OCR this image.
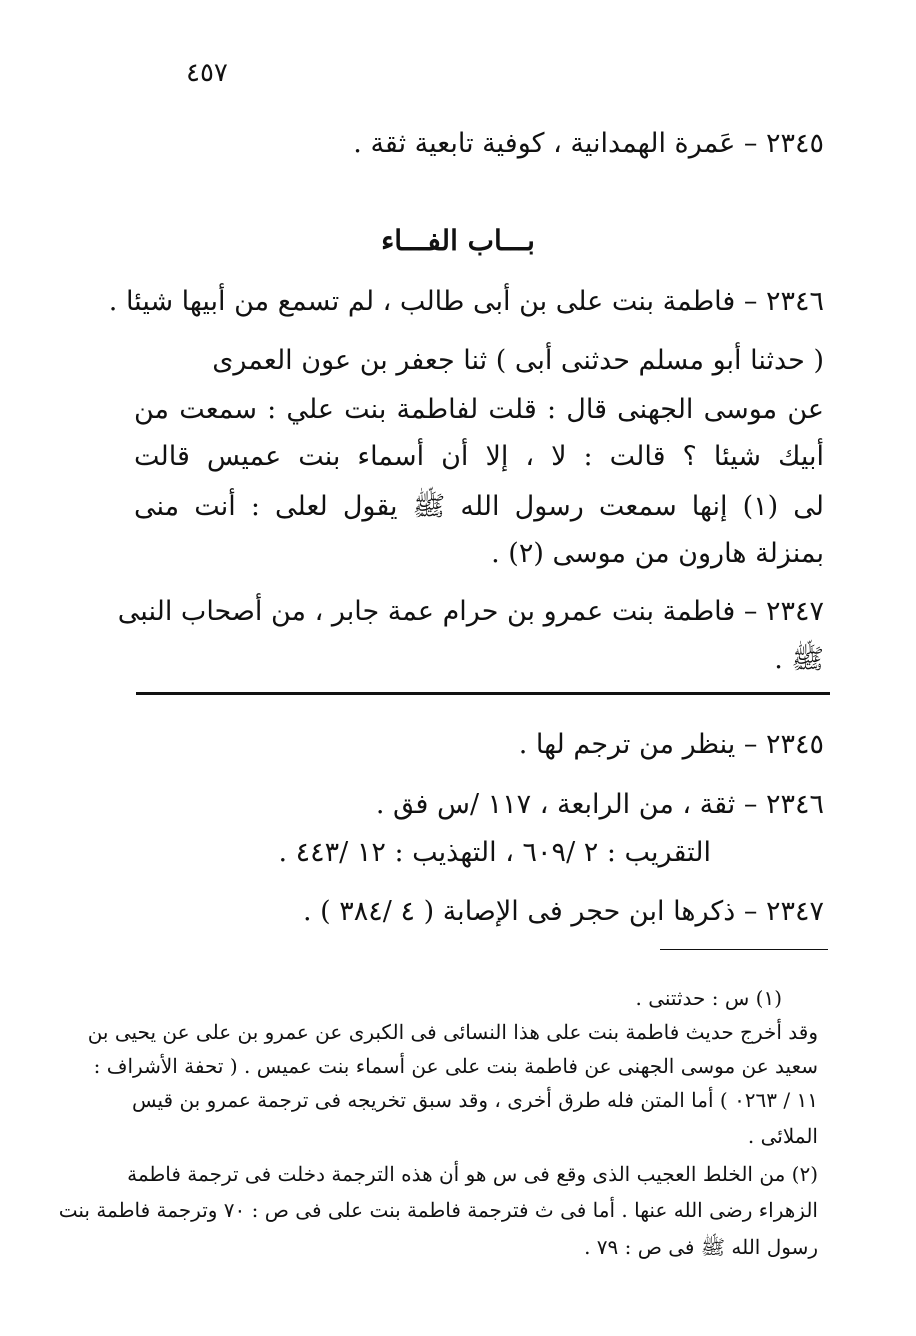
٤٥٧
٢٣٤٥ – عَمرة الهمدانية ، كوفية تابعية ثقة .
بـــاب الفـــاء
٢٣٤٦ – فاطمة بنت على بن أبى طالب ، لم تسمع من أبيها شيئا .
( حدثنا أبو مسلم حدثنى أبى ) ثنا جعفر بن عون العمرى
عن موسى الجهنى قال : قلت لفاطمة بنت علي : سمعت من
أبيك شيئا ؟ قالت : لا ، إلا أن أسماء بنت عميس قالت
لى (١) إنها سمعت رسول الله ﷺ يقول لعلى : أنت منى
بمنزلة هارون من موسى (٢) .
٢٣٤٧ – فاطمة بنت عمرو بن حرام عمة جابر ، من أصحاب النبى
ﷺ .
٢٣٤٥ – ينظر من ترجم لها .
٢٣٤٦ – ثقة ، من الرابعة ، ١١٧ /س فق .
التقريب : ٢ /٦٠٩ ، التهذيب : ١٢ /٤٤٣ .
٢٣٤٧ – ذكرها ابن حجر فى الإصابة ( ٤ /٣٨٤ ) .
(١) س : حدثتنى .
وقد أخرج حديث فاطمة بنت على هذا النسائى فى الكبرى عن عمرو بن على عن يحيى بن
سعيد عن موسى الجهنى عن فاطمة بنت على عن أسماء بنت عميس . ( تحفة الأشراف :
١١ / ٠٢٦٣ ) أما المتن فله طرق أخرى ، وقد سبق تخريجه فى ترجمة عمرو بن قيس
الملائى .
(٢) من الخلط العجيب الذى وقع فى س هو أن هذه الترجمة دخلت فى ترجمة فاطمة
الزهراء رضى الله عنها . أما فى ث فترجمة فاطمة بنت على فى ص : ٧٠ وترجمة فاطمة بنت
رسول الله ﷺ فى ص : ٧٩ .
